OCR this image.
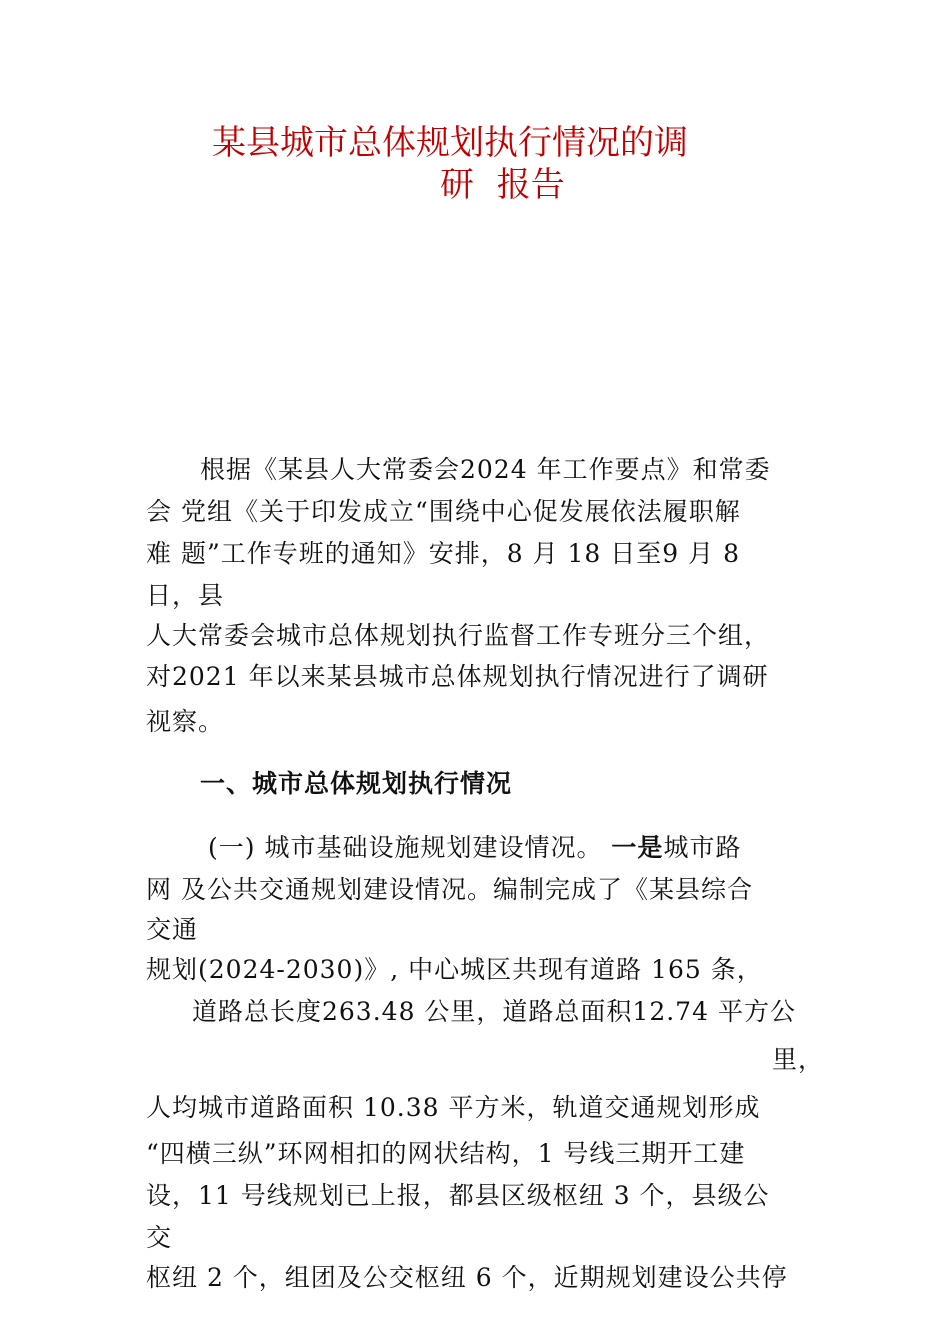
某县城市总体规划执行情况的调
研 报告
根据《某县人大常委会2024 年工作要点》和常委
会 党组《关于印发成立“围绕中心促发展依法履职解
难 题”工作专班的通知》安排，8 月 18 日至9 月 8
日，县
人大常委会城市总体规划执行监督工作专班分三个组，
对2021 年以来某县城市总体规划执行情况进行了调研
视察。
一、城市总体规划执行情况
(一) 城市基础设施规划建设情况。 一是城市路
网 及公共交通规划建设情况。编制完成了《某县综合
交通
规划(2024-2030)》, 中心城区共现有道路 165 条，
道路总长度263.48 公里，道路总面积12.74 平方公
里，
人均城市道路面积 10.38 平方米，轨道交通规划形成
“四横三纵”环网相扣的网状结构，1 号线三期开工建
设，11 号线规划已上报，都县区级枢纽 3 个，县级公
交
枢纽 2 个，组团及公交枢纽 6 个，近期规划建设公共停
